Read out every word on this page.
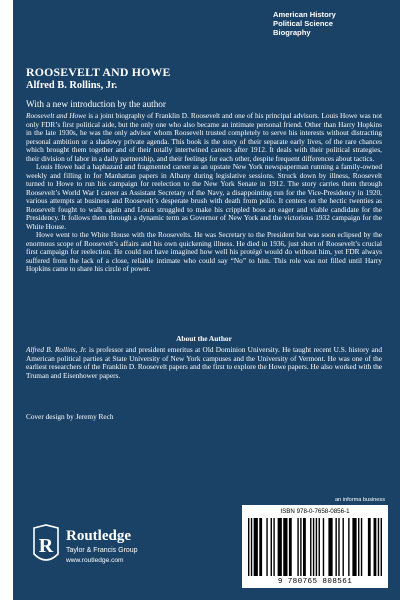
American History
Political Science
Biography
ROOSEVELT AND HOWE
Alfred B. Rollins, Jr.
With a new introduction by the author

Roosevelt and Howe is a joint biography of Franklin D. Roosevelt and one of his principal advisors. Louis Howe was not only FDR’s first political aide, but the only one who also became an intimate personal friend. Other than Harry Hopkins in the late 1930s, he was the only advisor whom Roosevelt trusted completely to serve his interests without distracting personal ambition or a shadowy private agenda. This book is the story of their separate early lives, of the rare chances which brought them together and of their totally intertwined careers after 1912. It deals with their political strategies, their division of labor in a daily partnership, and their feelings for each other, despite frequent differences about tactics.

Louis Howe had a haphazard and fragmented career as an upstate New York newspaperman running a family-owned weekly and filling in for Manhattan papers in Albany during legislative sessions. Struck down by illness, Roosevelt turned to Howe to run his campaign for reelection to the New York Senate in 1912. The story carries them through Roosevelt’s World War I career as Assistant Secretary of the Navy, a disappointing run for the Vice-Presidency in 1920, various attempts at business and Roosevelt’s desperate brush with death from polio. It centers on the hectic twenties as Roosevelt fought to walk again and Louis struggled to make his crippled boss an eager and viable candidate for the Presidency. It follows them through a dynamic term as Governor of New York and the victorious 1932 campaign for the White House.

Howe went to the White House with the Roosevelts. He was Secretary to the President but was soon eclipsed by the enormous scope of Roosevelt’s affairs and his own quickening illness. He died in 1936, just short of Roosevelt’s crucial first campaign for reelection. He could not have imagined how well his protégé would do without him, yet FDR always suffered from the lack of a close, reliable intimate who could say “No” to him. This role was not filled until Harry Hopkins came to share his circle of power.

About the Author

Alfred B. Rollins, Jr. is professor and president emeritus at Old Dominion University. He taught recent U.S. history and American political parties at State University of New York campuses and the University of Vermont. He was one of the earliest researchers of the Franklin D. Roosevelt papers and the first to explore the Howe papers. He also worked with the Truman and Eisenhower papers.

Cover design by Jeremy Rech
an informa business
R Routledge
Taylor & Francis Group
www.routledge.com
ISBN 978-0-7658-0856-1
9 780765 808561
